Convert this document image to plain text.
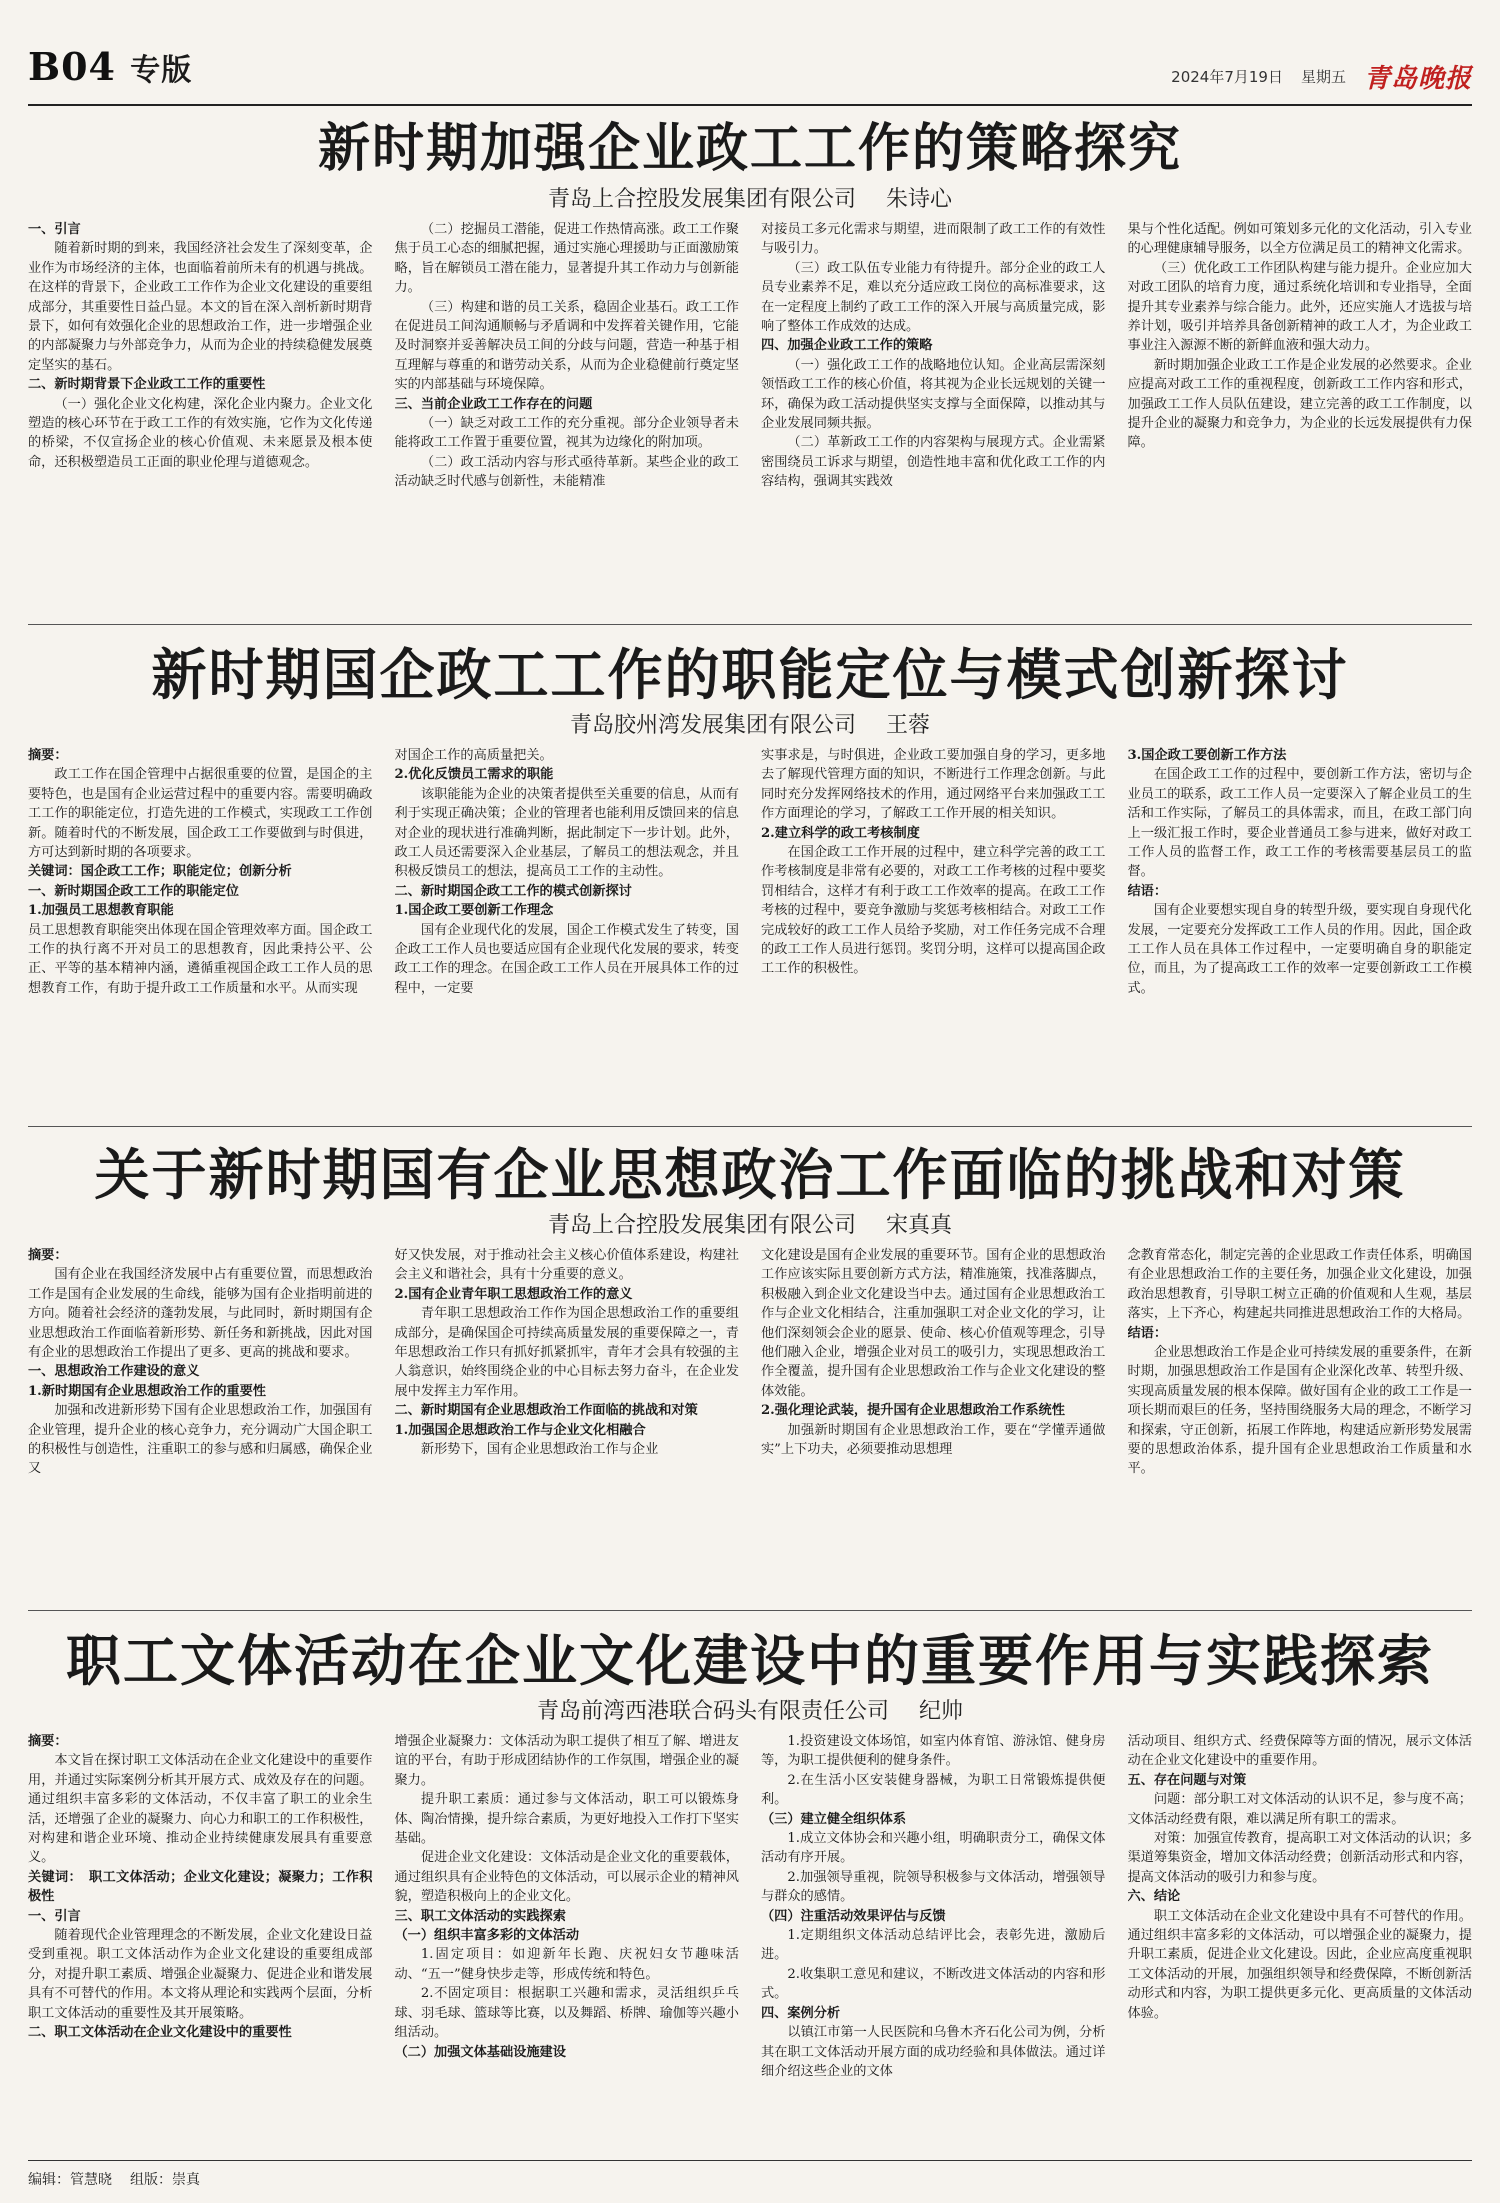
B04 专版	2024年7月19日 星期五 青岛晚报
新时期加强企业政工工作的策略探究
青岛上合控股发展集团有限公司 朱诗心

一、引言

随着新时期的到来，我国经济社会发生了深刻变革，企业作为市场经济的主体，也面临着前所未有的机遇与挑战。在这样的背景下，企业政工工作作为企业文化建设的重要组成部分，其重要性日益凸显。本文的旨在深入剖析新时期背景下，如何有效强化企业的思想政治工作，进一步增强企业的内部凝聚力与外部竞争力，从而为企业的持续稳健发展奠定坚实的基石。

二、新时期背景下企业政工工作的重要性

（一）强化企业文化构建，深化企业内聚力。企业文化塑造的核心环节在于政工工作的有效实施，它作为文化传递的桥梁，不仅宣扬企业的核心价值观、未来愿景及根本使命，还积极塑造员工正面的职业伦理与道德观念。

（二）挖掘员工潜能，促进工作热情高涨。政工工作聚焦于员工心态的细腻把握，通过实施心理援助与正面激励策略，旨在解锁员工潜在能力，显著提升其工作动力与创新能力。

（三）构建和谐的员工关系，稳固企业基石。政工工作在促进员工间沟通顺畅与矛盾调和中发挥着关键作用，它能及时洞察并妥善解决员工间的分歧与问题，营造一种基于相互理解与尊重的和谐劳动关系，从而为企业稳健前行奠定坚实的内部基础与环境保障。

三、当前企业政工工作存在的问题

（一）缺乏对政工工作的充分重视。部分企业领导者未能将政工工作置于重要位置，视其为边缘化的附加项。

（二）政工活动内容与形式亟待革新。某些企业的政工活动缺乏时代感与创新性，未能精准

对接员工多元化需求与期望，进而限制了政工工作的有效性与吸引力。

（三）政工队伍专业能力有待提升。部分企业的政工人员专业素养不足，难以充分适应政工岗位的高标准要求，这在一定程度上制约了政工工作的深入开展与高质量完成，影响了整体工作成效的达成。

四、加强企业政工工作的策略

（一）强化政工工作的战略地位认知。企业高层需深刻领悟政工工作的核心价值，将其视为企业长远规划的关键一环，确保为政工活动提供坚实支撑与全面保障，以推动其与企业发展同频共振。

（二）革新政工工作的内容架构与展现方式。企业需紧密围绕员工诉求与期望，创造性地丰富和优化政工工作的内容结构，强调其实践效

果与个性化适配。例如可策划多元化的文化活动，引入专业的心理健康辅导服务，以全方位满足员工的精神文化需求。

（三）优化政工工作团队构建与能力提升。企业应加大对政工团队的培育力度，通过系统化培训和专业指导，全面提升其专业素养与综合能力。此外，还应实施人才选拔与培养计划，吸引并培养具备创新精神的政工人才，为企业政工事业注入源源不断的新鲜血液和强大动力。

新时期加强企业政工工作是企业发展的必然要求。企业应提高对政工工作的重视程度，创新政工工作内容和形式，加强政工工作人员队伍建设，建立完善的政工工作制度，以提升企业的凝聚力和竞争力，为企业的长远发展提供有力保障。

新时期国企政工工作的职能定位与模式创新探讨
青岛胶州湾发展集团有限公司 王蓉

摘要：

政工工作在国企管理中占据很重要的位置，是国企的主要特色，也是国有企业运营过程中的重要内容。需要明确政工工作的职能定位，打造先进的工作模式，实现政工工作创新。随着时代的不断发展，国企政工工作要做到与时俱进，方可达到新时期的各项要求。

关键词：国企政工工作；职能定位；创新分析

一、新时期国企政工工作的职能定位

1.加强员工思想教育职能

员工思想教育职能突出体现在国企管理效率方面。国企政工工作的执行离不开对员工的思想教育，因此秉持公平、公正、平等的基本精神内涵，遴循重视国企政工工作人员的思想教育工作，有助于提升政工工作质量和水平。从而实现

对国企工作的高质量把关。

2.优化反馈员工需求的职能

该职能能为企业的决策者提供至关重要的信息，从而有利于实现正确决策；企业的管理者也能利用反馈回来的信息对企业的现状进行准确判断，据此制定下一步计划。此外，政工人员还需要深入企业基层，了解员工的想法观念，并且积极反馈员工的想法，提高员工工作的主动性。

二、新时期国企政工工作的模式创新探讨

1.国企政工要创新工作理念

国有企业现代化的发展，国企工作模式发生了转变，国企政工工作人员也要适应国有企业现代化发展的要求，转变政工工作的理念。在国企政工工作人员在开展具体工作的过程中，一定要

实事求是，与时俱进，企业政工要加强自身的学习，更多地去了解现代管理方面的知识，不断进行工作理念创新。与此同时充分发挥网络技术的作用，通过网络平台来加强政工工作方面理论的学习，了解政工工作开展的相关知识。

2.建立科学的政工考核制度

在国企政工工作开展的过程中，建立科学完善的政工工作考核制度是非常有必要的，对政工工作考核的过程中要奖罚相结合，这样才有利于政工工作效率的提高。在政工工作考核的过程中，要竞争激励与奖惩考核相结合。对政工工作完成较好的政工工作人员给予奖励，对工作任务完成不合理的政工工作人员进行惩罚。奖罚分明，这样可以提高国企政工工作的积极性。

3.国企政工要创新工作方法

在国企政工工作的过程中，要创新工作方法，密切与企业员工的联系，政工工作人员一定要深入了解企业员工的生活和工作实际，了解员工的具体需求，而且，在政工部门向上一级汇报工作时，要企业普通员工参与进来，做好对政工工作人员的监督工作，政工工作的考核需要基层员工的监督。

结语：

国有企业要想实现自身的转型升级，要实现自身现代化发展，一定要充分发挥政工工作人员的作用。因此，国企政工工作人员在具体工作过程中，一定要明确自身的职能定位，而且，为了提高政工工作的效率一定要创新政工工作模式。

关于新时期国有企业思想政治工作面临的挑战和对策
青岛上合控股发展集团有限公司 宋真真

摘要：

国有企业在我国经济发展中占有重要位置，而思想政治工作是国有企业发展的生命线，能够为国有企业指明前进的方向。随着社会经济的蓬勃发展，与此同时，新时期国有企业思想政治工作面临着新形势、新任务和新挑战，因此对国有企业的思想政治工作提出了更多、更高的挑战和要求。

一、思想政治工作建设的意义

1.新时期国有企业思想政治工作的重要性

加强和改进新形势下国有企业思想政治工作，加强国有企业管理，提升企业的核心竞争力，充分调动广大国企职工的积极性与创造性，注重职工的参与感和归属感，确保企业又

好又快发展，对于推动社会主义核心价值体系建设，构建社会主义和谐社会，具有十分重要的意义。

2.国有企业青年职工思想政治工作的意义

青年职工思想政治工作作为国企思想政治工作的重要组成部分，是确保国企可持续高质量发展的重要保障之一，青年思想政治工作只有抓好抓紧抓牢，青年才会具有较强的主人翁意识，始终围绕企业的中心目标去努力奋斗，在企业发展中发挥主力军作用。

二、新时期国有企业思想政治工作面临的挑战和对策

1.加强国企思想政治工作与企业文化相融合

新形势下，国有企业思想政治工作与企业

文化建设是国有企业发展的重要环节。国有企业的思想政治工作应该实际且要创新方式方法，精准施策，找准落脚点，积极融入到企业文化建设当中去。通过国有企业思想政治工作与企业文化相结合，注重加强职工对企业文化的学习，让他们深刻领会企业的愿景、使命、核心价值观等理念，引导他们融入企业，增强企业对员工的吸引力，实现思想政治工作全覆盖，提升国有企业思想政治工作与企业文化建设的整体效能。

2.强化理论武装，提升国有企业思想政治工作系统性

加强新时期国有企业思想政治工作，要在“学懂弄通做实”上下功夫，必须要推动思想理

念教育常态化，制定完善的企业思政工作责任体系，明确国有企业思想政治工作的主要任务，加强企业文化建设，加强政治思想教育，引导职工树立正确的价值观和人生观，基层落实，上下齐心，构建起共同推进思想政治工作的大格局。

结语：

企业思想政治工作是企业可持续发展的重要条件，在新时期，加强思想政治工作是国有企业深化改革、转型升级、实现高质量发展的根本保障。做好国有企业的政工工作是一项长期而艰巨的任务，坚持围绕服务大局的理念，不断学习和探索，守正创新，拓展工作阵地，构建适应新形势发展需要的思想政治体系，提升国有企业思想政治工作质量和水平。

职工文体活动在企业文化建设中的重要作用与实践探索
青岛前湾西港联合码头有限责任公司 纪帅

摘要：

本文旨在探讨职工文体活动在企业文化建设中的重要作用，并通过实际案例分析其开展方式、成效及存在的问题。通过组织丰富多彩的文体活动，不仅丰富了职工的业余生活，还增强了企业的凝聚力、向心力和职工的工作积极性，对构建和谐企业环境、推动企业持续健康发展具有重要意义。

关键词：　职工文体活动；企业文化建设；凝聚力；工作积极性

一、引言

随着现代企业管理理念的不断发展，企业文化建设日益受到重视。职工文体活动作为企业文化建设的重要组成部分，对提升职工素质、增强企业凝聚力、促进企业和谐发展具有不可替代的作用。本文将从理论和实践两个层面，分析职工文体活动的重要性及其开展策略。

二、职工文体活动在企业文化建设中的重要性

增强企业凝聚力：文体活动为职工提供了相互了解、增进友谊的平台，有助于形成团结协作的工作氛围，增强企业的凝聚力。

提升职工素质：通过参与文体活动，职工可以锻炼身体、陶冶情操，提升综合素质，为更好地投入工作打下坚实基础。

促进企业文化建设：文体活动是企业文化的重要载体，通过组织具有企业特色的文体活动，可以展示企业的精神风貌，塑造积极向上的企业文化。

三、职工文体活动的实践探索

（一）组织丰富多彩的文体活动

1.固定项目：如迎新年长跑、庆祝妇女节趣味活动、“五一”健身快步走等，形成传统和特色。

2.不固定项目：根据职工兴趣和需求，灵活组织乒乓球、羽毛球、篮球等比赛，以及舞蹈、桥牌、瑜伽等兴趣小组活动。

（二）加强文体基础设施建设

1.投资建设文体场馆，如室内体育馆、游泳馆、健身房等，为职工提供便利的健身条件。

2.在生活小区安装健身器械，为职工日常锻炼提供便利。

（三）建立健全组织体系

1.成立文体协会和兴趣小组，明确职责分工，确保文体活动有序开展。

2.加强领导重视，院领导积极参与文体活动，增强领导与群众的感情。

（四）注重活动效果评估与反馈

1.定期组织文体活动总结评比会，表彰先进，激励后进。

2.收集职工意见和建议，不断改进文体活动的内容和形式。

四、案例分析

以镇江市第一人民医院和乌鲁木齐石化公司为例，分析其在职工文体活动开展方面的成功经验和具体做法。通过详细介绍这些企业的文体

活动项目、组织方式、经费保障等方面的情况，展示文体活动在企业文化建设中的重要作用。

五、存在问题与对策

问题：部分职工对文体活动的认识不足，参与度不高；文体活动经费有限，难以满足所有职工的需求。

对策：加强宣传教育，提高职工对文体活动的认识；多渠道筹集资金，增加文体活动经费；创新活动形式和内容，提高文体活动的吸引力和参与度。

六、结论

职工文体活动在企业文化建设中具有不可替代的作用。通过组织丰富多彩的文体活动，可以增强企业的凝聚力，提升职工素质，促进企业文化建设。因此，企业应高度重视职工文体活动的开展，加强组织领导和经费保障，不断创新活动形式和内容，为职工提供更多元化、更高质量的文体活动体验。

编辑：管慧晓 组版：崇真
